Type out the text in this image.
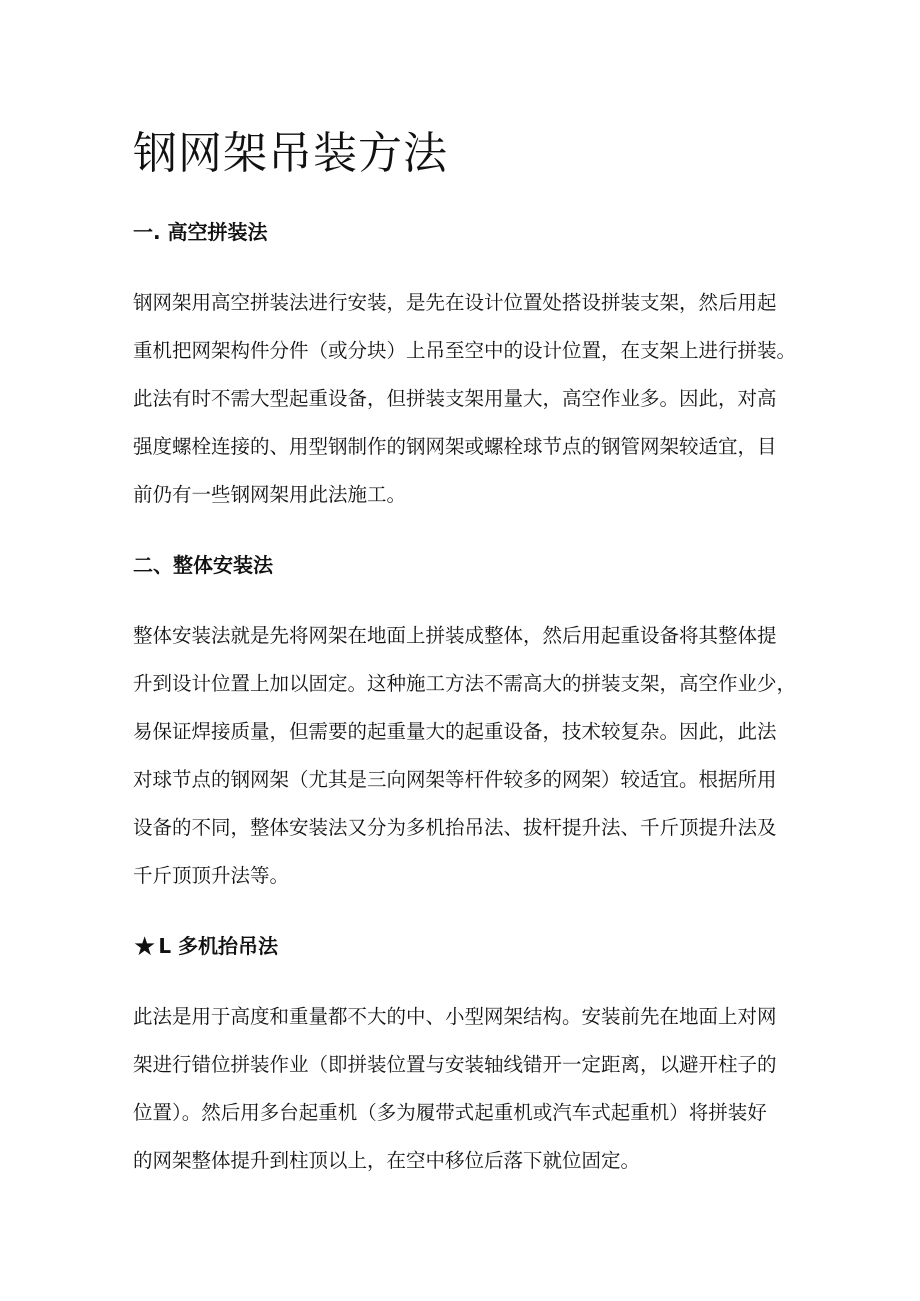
钢网架吊装方法
一. 高空拼装法
钢网架用高空拼装法进行安装，是先在设计位置处搭设拼装支架，然后用起
重机把网架构件分件（或分块）上吊至空中的设计位置，在支架上进行拼装。
此法有时不需大型起重设备，但拼装支架用量大，高空作业多。因此，对高
强度螺栓连接的、用型钢制作的钢网架或螺栓球节点的钢管网架较适宜，目
前仍有一些钢网架用此法施工。
二、整体安装法
整体安装法就是先将网架在地面上拼装成整体，然后用起重设备将其整体提
升到设计位置上加以固定。这种施工方法不需高大的拼装支架，高空作业少，
易保证焊接质量，但需要的起重量大的起重设备，技术较复杂。因此，此法
对球节点的钢网架（尤其是三向网架等杆件较多的网架）较适宜。根据所用
设备的不同，整体安装法又分为多机抬吊法、拔杆提升法、千斤顶提升法及
千斤顶顶升法等。
★ L 多机抬吊法
此法是用于高度和重量都不大的中、小型网架结构。安装前先在地面上对网
架进行错位拼装作业（即拼装位置与安装轴线错开一定距离，以避开柱子的
位置）。然后用多台起重机（多为履带式起重机或汽车式起重机）将拼装好
的网架整体提升到柱顶以上，在空中移位后落下就位固定。
